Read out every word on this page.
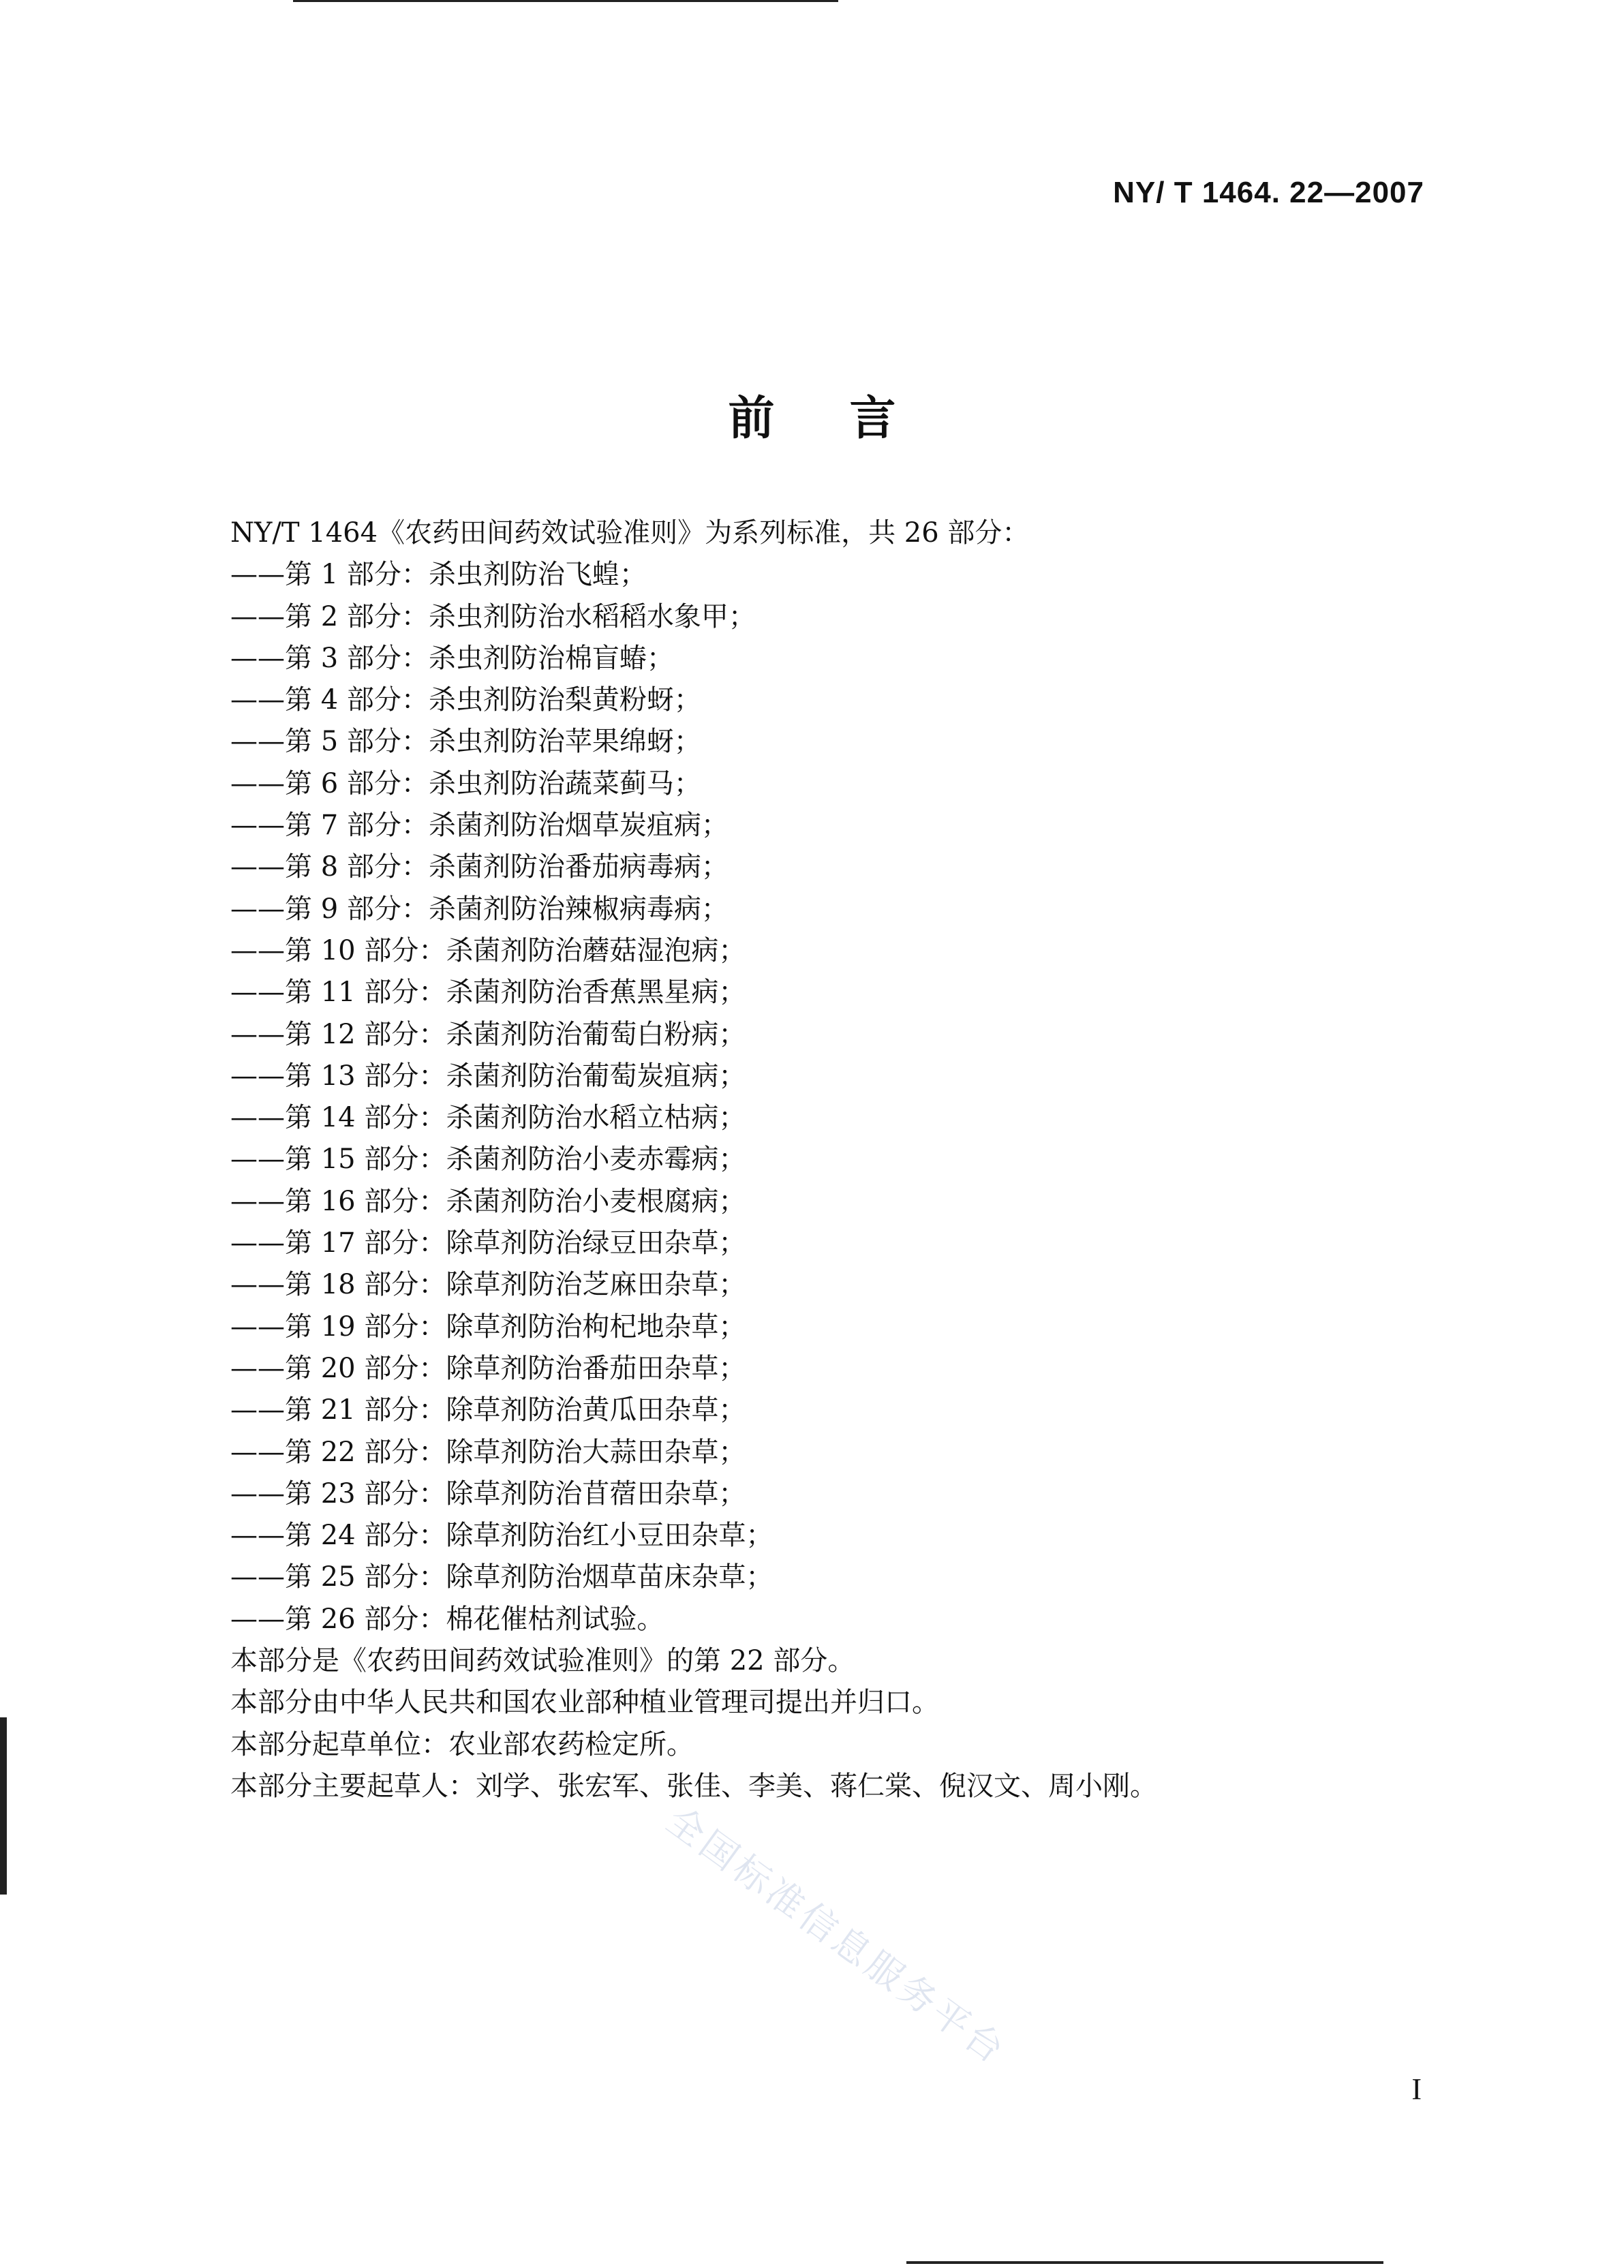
NY/ T 1464. 22—2007
前言
NY/T 1464《农药田间药效试验准则》为系列标准，共 26 部分：
——第 1 部分：杀虫剂防治飞蝗；
——第 2 部分：杀虫剂防治水稻稻水象甲；
——第 3 部分：杀虫剂防治棉盲蝽；
——第 4 部分：杀虫剂防治梨黄粉蚜；
——第 5 部分：杀虫剂防治苹果绵蚜；
——第 6 部分：杀虫剂防治蔬菜蓟马；
——第 7 部分：杀菌剂防治烟草炭疽病；
——第 8 部分：杀菌剂防治番茄病毒病；
——第 9 部分：杀菌剂防治辣椒病毒病；
——第 10 部分：杀菌剂防治蘑菇湿泡病；
——第 11 部分：杀菌剂防治香蕉黑星病；
——第 12 部分：杀菌剂防治葡萄白粉病；
——第 13 部分：杀菌剂防治葡萄炭疽病；
——第 14 部分：杀菌剂防治水稻立枯病；
——第 15 部分：杀菌剂防治小麦赤霉病；
——第 16 部分：杀菌剂防治小麦根腐病；
——第 17 部分：除草剂防治绿豆田杂草；
——第 18 部分：除草剂防治芝麻田杂草；
——第 19 部分：除草剂防治枸杞地杂草；
——第 20 部分：除草剂防治番茄田杂草；
——第 21 部分：除草剂防治黄瓜田杂草；
——第 22 部分：除草剂防治大蒜田杂草；
——第 23 部分：除草剂防治苜蓿田杂草；
——第 24 部分：除草剂防治红小豆田杂草；
——第 25 部分：除草剂防治烟草苗床杂草；
——第 26 部分：棉花催枯剂试验。
本部分是《农药田间药效试验准则》的第 22 部分。
本部分由中华人民共和国农业部种植业管理司提出并归口。
本部分起草单位：农业部农药检定所。
本部分主要起草人：刘学、张宏军、张佳、李美、蒋仁棠、倪汉文、周小刚。
全国标准信息服务平台
I
